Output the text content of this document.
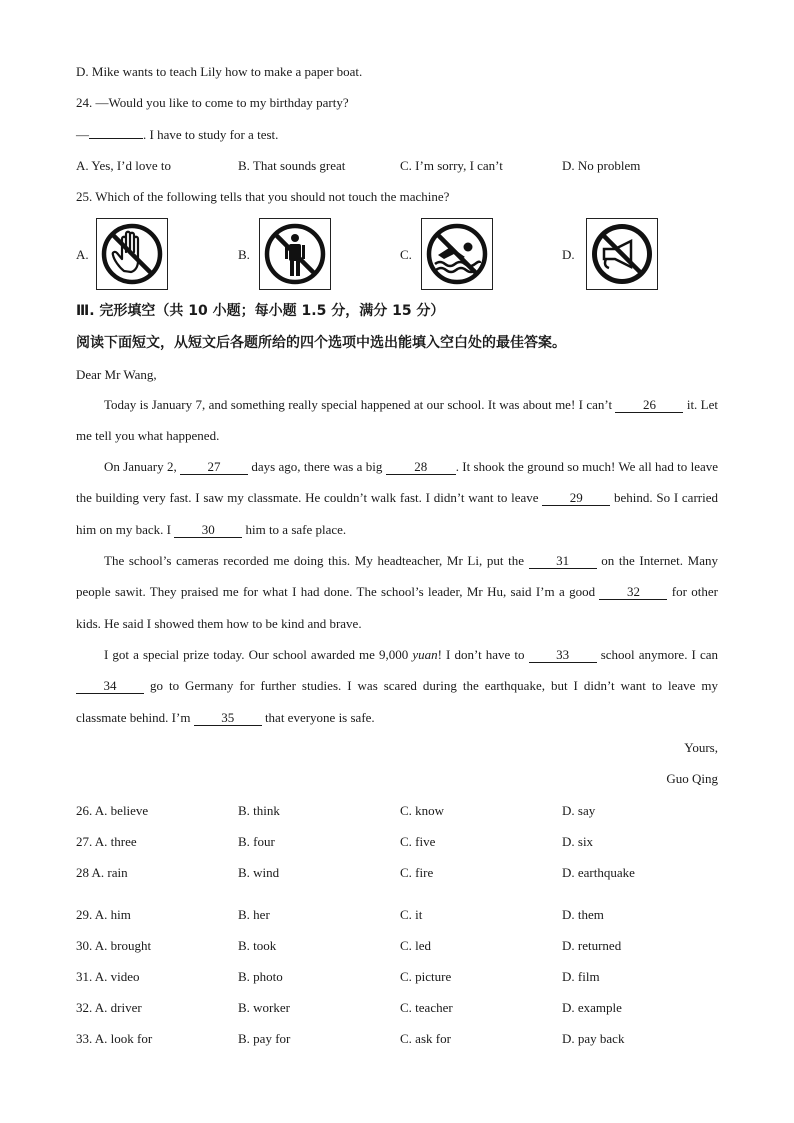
D. Mike wants to teach Lily how to make a paper boat.
24. —Would you like to come to my birthday party?
—	. I have to study for a test.
A. Yes, I’d love to	B. That sounds great	C. I’m sorry, I can’t	D. No problem
25. Which of the following tells that you should not touch the machine?
A.	B.	C.	D.
Ⅲ. 完形填空（共 10 小题；每小题 1.5 分，满分 15 分）
阅读下面短文，从短文后各题所给的四个选项中选出能填入空白处的最佳答案。
Dear Mr Wang,
Today is January 7, and something really special happened at our school. It was about me! I can’t 26 it. Let me tell you what happened.
On January 2, 27 days ago, there was a big 28 . It shook the ground so much! We all had to leave the building very fast. I saw my classmate. He couldn’t walk fast. I didn’t want to leave 29 behind. So I carried him on my back. I 30 him to a safe place.
The school’s cameras recorded me doing this. My headteacher, Mr Li, put the 31 on the Internet. Many people sawit. They praised me for what I had done. The school’s leader, Mr Hu, said I’m a good 32 for other kids. He said I showed them how to be kind and brave.
I got a special prize today. Our school awarded me 9,000 yuan! I don’t have to 33 school anymore. I can 34 go to Germany for further studies. I was scared during the earthquake, but I didn’t want to leave my classmate behind. I’m 35 that everyone is safe.
Yours,
Guo Qing
26. A. believe	B. think	C. know	D. say
27. A. three	B. four	C. five	D. six
28 A. rain	B. wind	C. fire	D. earthquake
29. A. him	B. her	C. it	D. them
30. A. brought	B. took	C. led	D. returned
31. A. video	B. photo	C. picture	D. film
32. A. driver	B. worker	C. teacher	D. example
33. A. look for	B. pay for	C. ask for	D. pay back
